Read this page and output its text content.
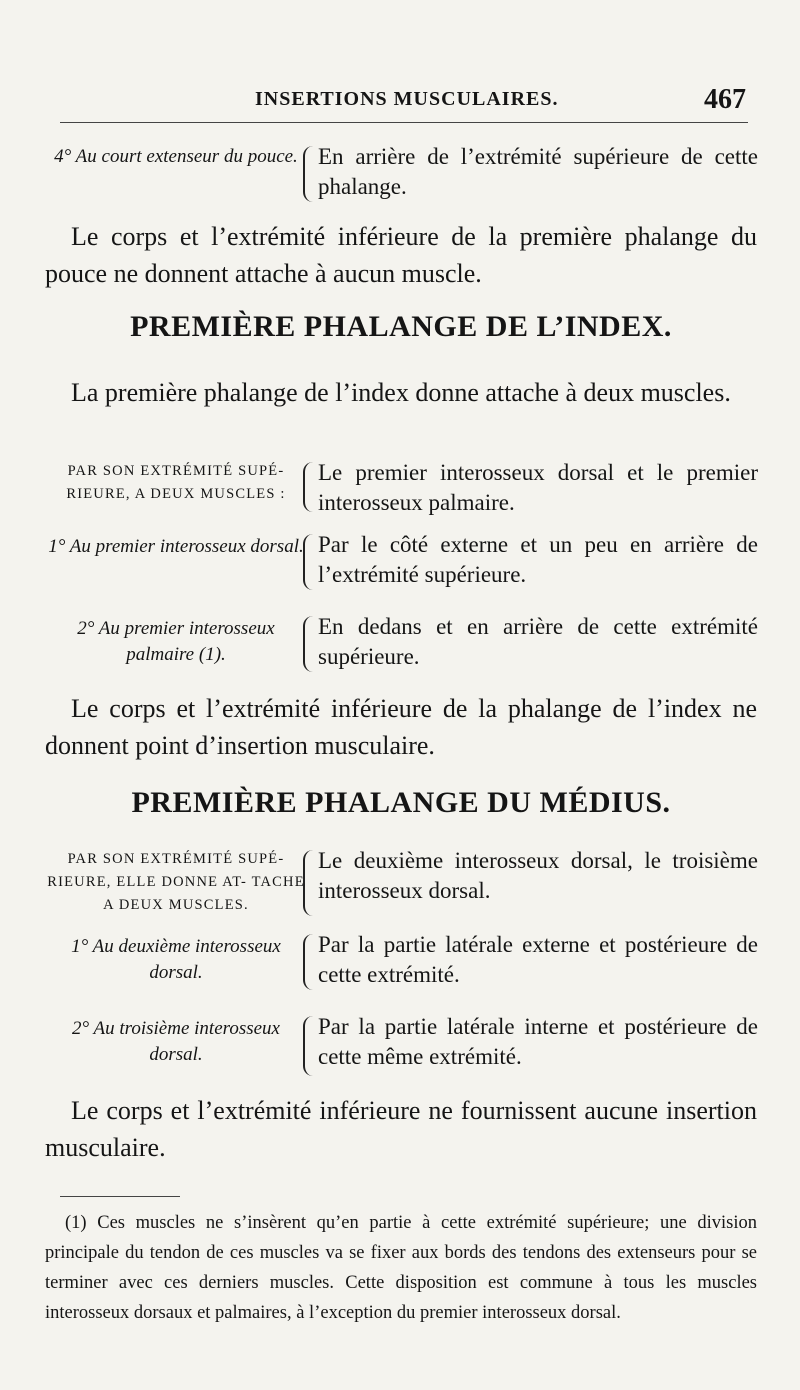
INSERTIONS MUSCULAIRES.	467
4° Au court extenseur du pouce. En arrière de l’extrémité supérieure de cette phalange.
Le corps et l’extrémité inférieure de la première phalange du pouce ne donnent attache à aucun muscle.
PREMIÈRE PHALANGE DE L’INDEX.
La première phalange de l’index donne attache à deux muscles.
PAR SON EXTRÉMITÉ SUPÉ- RIEURE, A DEUX MUSCLES :
Le premier interosseux dorsal et le premier interosseux palmaire.
1° Au premier interosseux dorsal. Par le côté externe et un peu en arrière de l’extrémité supérieure.
2° Au premier interosseux palmaire (1).
En dedans et en arrière de cette extrémité supérieure.
Le corps et l’extrémité inférieure de la phalange de l’index ne donnent point d’insertion musculaire.
PREMIÈRE PHALANGE DU MÉDIUS.
PAR SON EXTRÉMITÉ SUPÉ- RIEURE, ELLE DONNE AT- TACHE A DEUX MUSCLES.
Le deuxième interosseux dorsal, le troisième interosseux dorsal.
1° Au deuxième interosseux dorsal.
Par la partie latérale externe et postérieure de cette extrémité.
2° Au troisième interosseux dorsal.
Par la partie latérale interne et postérieure de cette même extrémité.
Le corps et l’extrémité inférieure ne fournissent aucune insertion musculaire.
(1) Ces muscles ne s’insèrent qu’en partie à cette extrémité supérieure; une division principale du tendon de ces muscles va se fixer aux bords des tendons des extenseurs pour se terminer avec ces derniers muscles. Cette disposition est commune à tous les muscles interosseux dorsaux et palmaires, à l’exception du premier interosseux dorsal.
